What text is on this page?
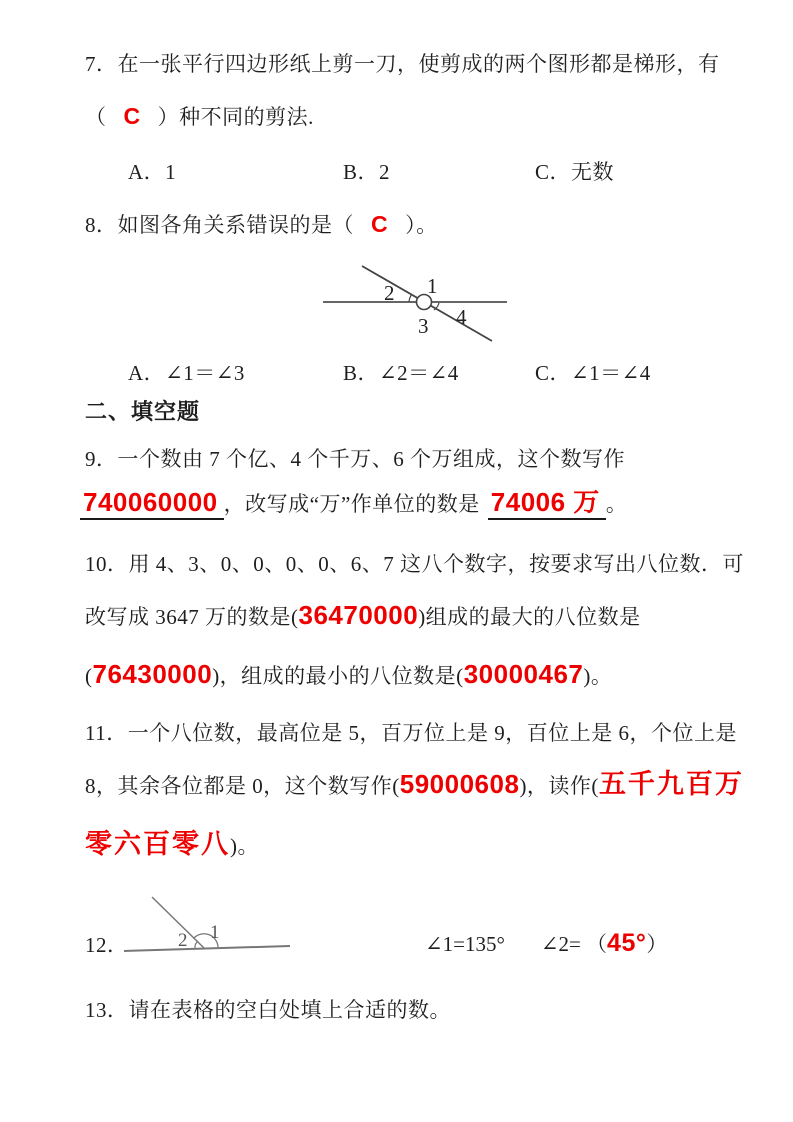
7．在一张平行四边形纸上剪一刀，使剪成的两个图形都是梯形，有
（ C ）种不同的剪法.
A．1	B．2	C．无数
8．如图各角关系错误的是（ C ）。
1
2
3 4
A．∠1＝∠3	B．∠2＝∠4	C．∠1＝∠4
二、填空题
9．一个数由 7 个亿、4 个千万、6 个万组成，这个数写作
740060000 ，改写成“万”作单位的数是 74006 万 。
10．用 4、3、0、0、0、0、6、7 这八个数字，按要求写出八位数．可
改写成 3647 万的数是(36470000)组成的最大的八位数是
(76430000)，组成的最小的八位数是(30000467)。
11．一个八位数，最高位是 5，百万位上是 9，百位上是 6，个位上是
8，其余各位都是 0，这个数写作(59000608)，读作(五千九百万
零六百零八)。
12．	2 1	∠1=135° ∠2= （45°）
13．请在表格的空白处填上合适的数。
